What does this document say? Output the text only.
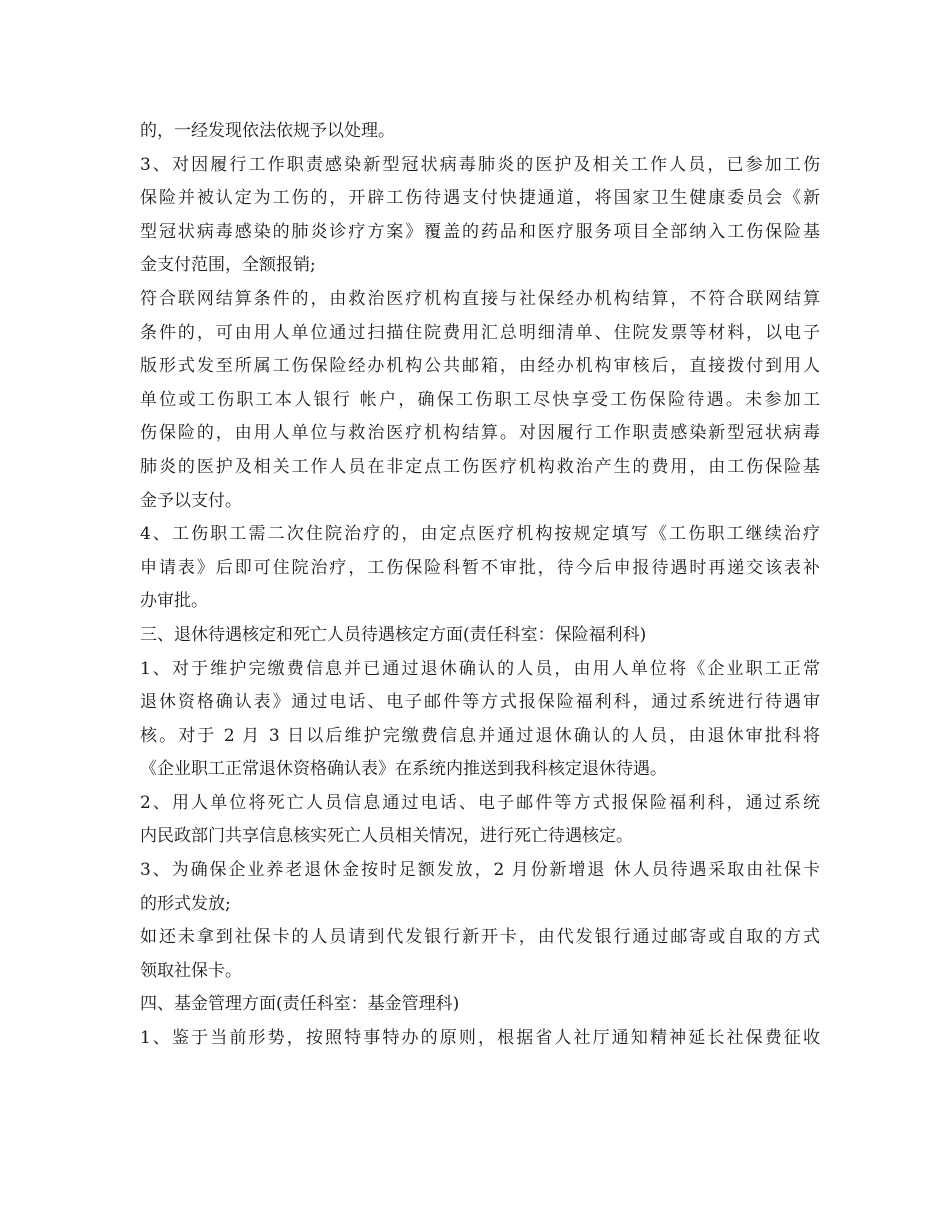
的，一经发现依法依规予以处理。
3、对因履行工作职责感染新型冠状病毒肺炎的医护及相关工作人员，已参加工伤
保险并被认定为工伤的，开辟工伤待遇支付快捷通道，将国家卫生健康委员会《新
型冠状病毒感染的肺炎诊疗方案》覆盖的药品和医疗服务项目全部纳入工伤保险基
金支付范围，全额报销;
符合联网结算条件的，由救治医疗机构直接与社保经办机构结算，不符合联网结算
条件的，可由用人单位通过扫描住院费用汇总明细清单、住院发票等材料，以电子
版形式发至所属工伤保险经办机构公共邮箱，由经办机构审核后，直接拨付到用人
单位或工伤职工本人银行 帐户，确保工伤职工尽快享受工伤保险待遇。未参加工
伤保险的，由用人单位与救治医疗机构结算。对因履行工作职责感染新型冠状病毒
肺炎的医护及相关工作人员在非定点工伤医疗机构救治产生的费用，由工伤保险基
金予以支付。
4、工伤职工需二次住院治疗的，由定点医疗机构按规定填写《工伤职工继续治疗
申请表》后即可住院治疗，工伤保险科暂不审批，待今后申报待遇时再递交该表补
办审批。
三、退休待遇核定和死亡人员待遇核定方面(责任科室：保险福利科)
1、对于维护完缴费信息并已通过退休确认的人员，由用人单位将《企业职工正常
退休资格确认表》通过电话、电子邮件等方式报保险福利科，通过系统进行待遇审
核。对于 2 月 3 日以后维护完缴费信息并通过退休确认的人员，由退休审批科将
《企业职工正常退休资格确认表》在系统内推送到我科核定退休待遇。
2、用人单位将死亡人员信息通过电话、电子邮件等方式报保险福利科，通过系统
内民政部门共享信息核实死亡人员相关情况，进行死亡待遇核定。
3、为确保企业养老退休金按时足额发放，2 月份新增退 休人员待遇采取由社保卡
的形式发放;
如还未拿到社保卡的人员请到代发银行新开卡，由代发银行通过邮寄或自取的方式
领取社保卡。
四、基金管理方面(责任科室：基金管理科)
1、鉴于当前形势，按照特事特办的原则，根据省人社厅通知精神延长社保费征收
